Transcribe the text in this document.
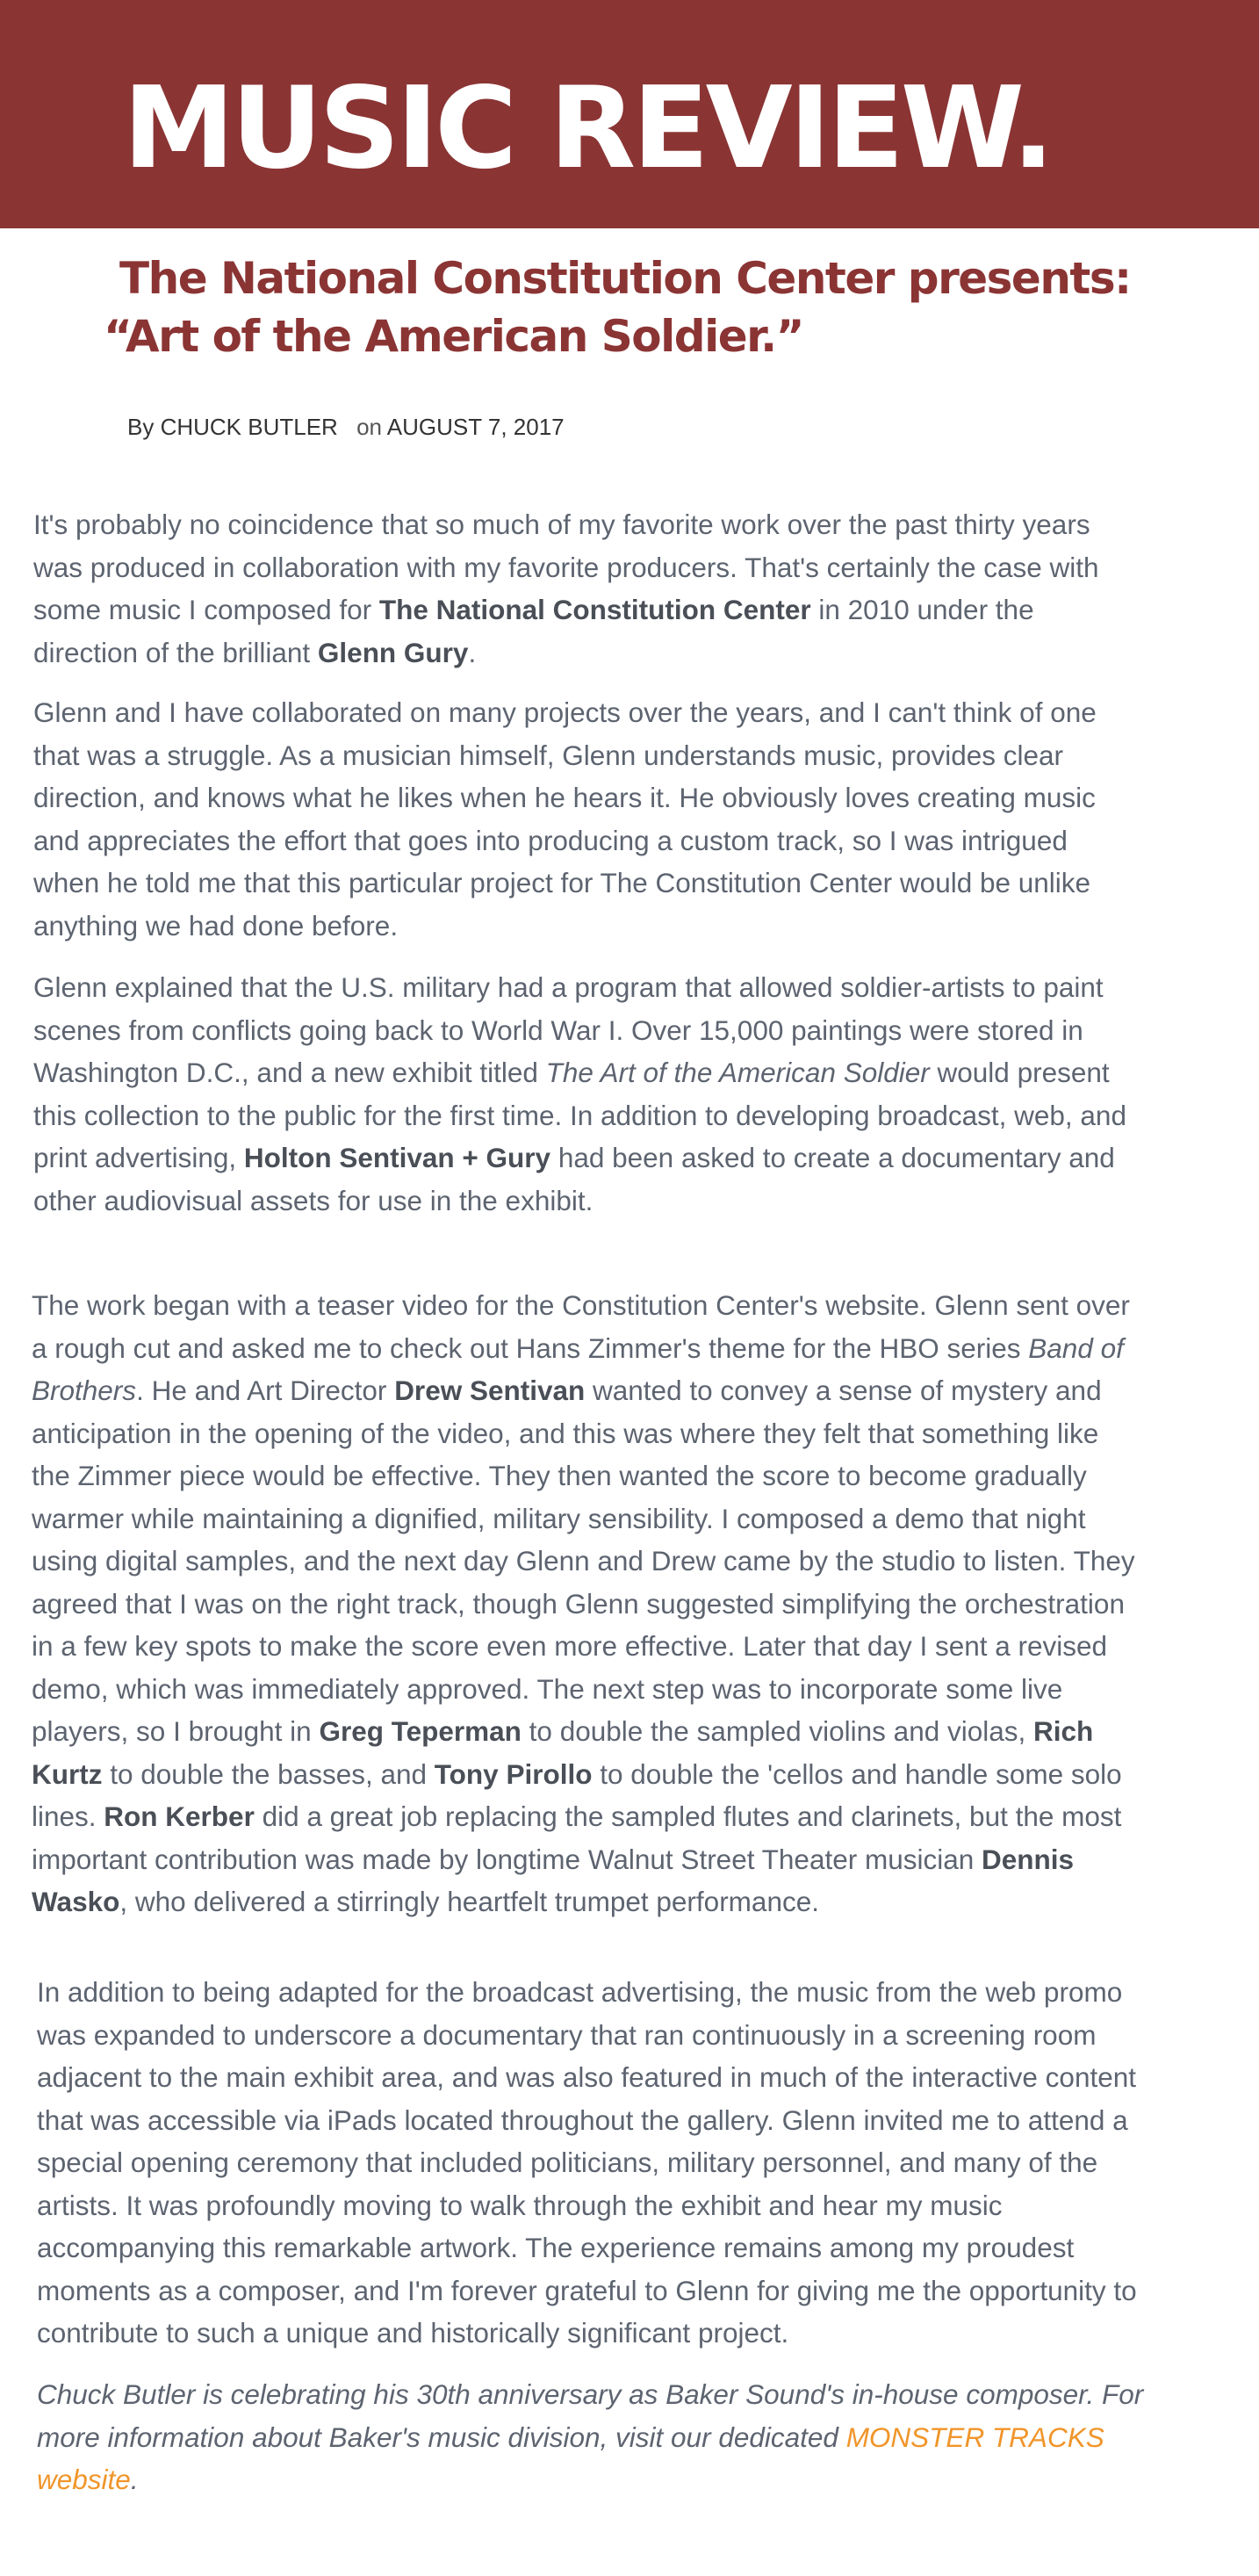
MUSIC REVIEW.
The National Constitution Center presents:
“Art of the American Soldier.”
By CHUCK BUTLER on AUGUST 7, 2017
It's probably no coincidence that so much of my favorite work over the past thirty years
was produced in collaboration with my favorite producers. That's certainly the case with
some music I composed for The National Constitution Center in 2010 under the
direction of the brilliant Glenn Gury.
Glenn and I have collaborated on many projects over the years, and I can't think of one
that was a struggle. As a musician himself, Glenn understands music, provides clear
direction, and knows what he likes when he hears it. He obviously loves creating music
and appreciates the effort that goes into producing a custom track, so I was intrigued
when he told me that this particular project for The Constitution Center would be unlike
anything we had done before.
Glenn explained that the U.S. military had a program that allowed soldier-artists to paint
scenes from conflicts going back to World War I. Over 15,000 paintings were stored in
Washington D.C., and a new exhibit titled The Art of the American Soldier would present
this collection to the public for the first time. In addition to developing broadcast, web, and
print advertising, Holton Sentivan + Gury had been asked to create a documentary and
other audiovisual assets for use in the exhibit.
The work began with a teaser video for the Constitution Center's website. Glenn sent over
a rough cut and asked me to check out Hans Zimmer's theme for the HBO series Band of
Brothers. He and Art Director Drew Sentivan wanted to convey a sense of mystery and
anticipation in the opening of the video, and this was where they felt that something like
the Zimmer piece would be effective. They then wanted the score to become gradually
warmer while maintaining a dignified, military sensibility. I composed a demo that night
using digital samples, and the next day Glenn and Drew came by the studio to listen. They
agreed that I was on the right track, though Glenn suggested simplifying the orchestration
in a few key spots to make the score even more effective. Later that day I sent a revised
demo, which was immediately approved. The next step was to incorporate some live
players, so I brought in Greg Teperman to double the sampled violins and violas, Rich
Kurtz to double the basses, and Tony Pirollo to double the 'cellos and handle some solo
lines. Ron Kerber did a great job replacing the sampled flutes and clarinets, but the most
important contribution was made by longtime Walnut Street Theater musician Dennis
Wasko, who delivered a stirringly heartfelt trumpet performance.
In addition to being adapted for the broadcast advertising, the music from the web promo
was expanded to underscore a documentary that ran continuously in a screening room
adjacent to the main exhibit area, and was also featured in much of the interactive content
that was accessible via iPads located throughout the gallery. Glenn invited me to attend a
special opening ceremony that included politicians, military personnel, and many of the
artists. It was profoundly moving to walk through the exhibit and hear my music
accompanying this remarkable artwork. The experience remains among my proudest
moments as a composer, and I'm forever grateful to Glenn for giving me the opportunity to
contribute to such a unique and historically significant project.
Chuck Butler is celebrating his 30th anniversary as Baker Sound's in-house composer. For
more information about Baker's music division, visit our dedicated MONSTER TRACKS
website.
